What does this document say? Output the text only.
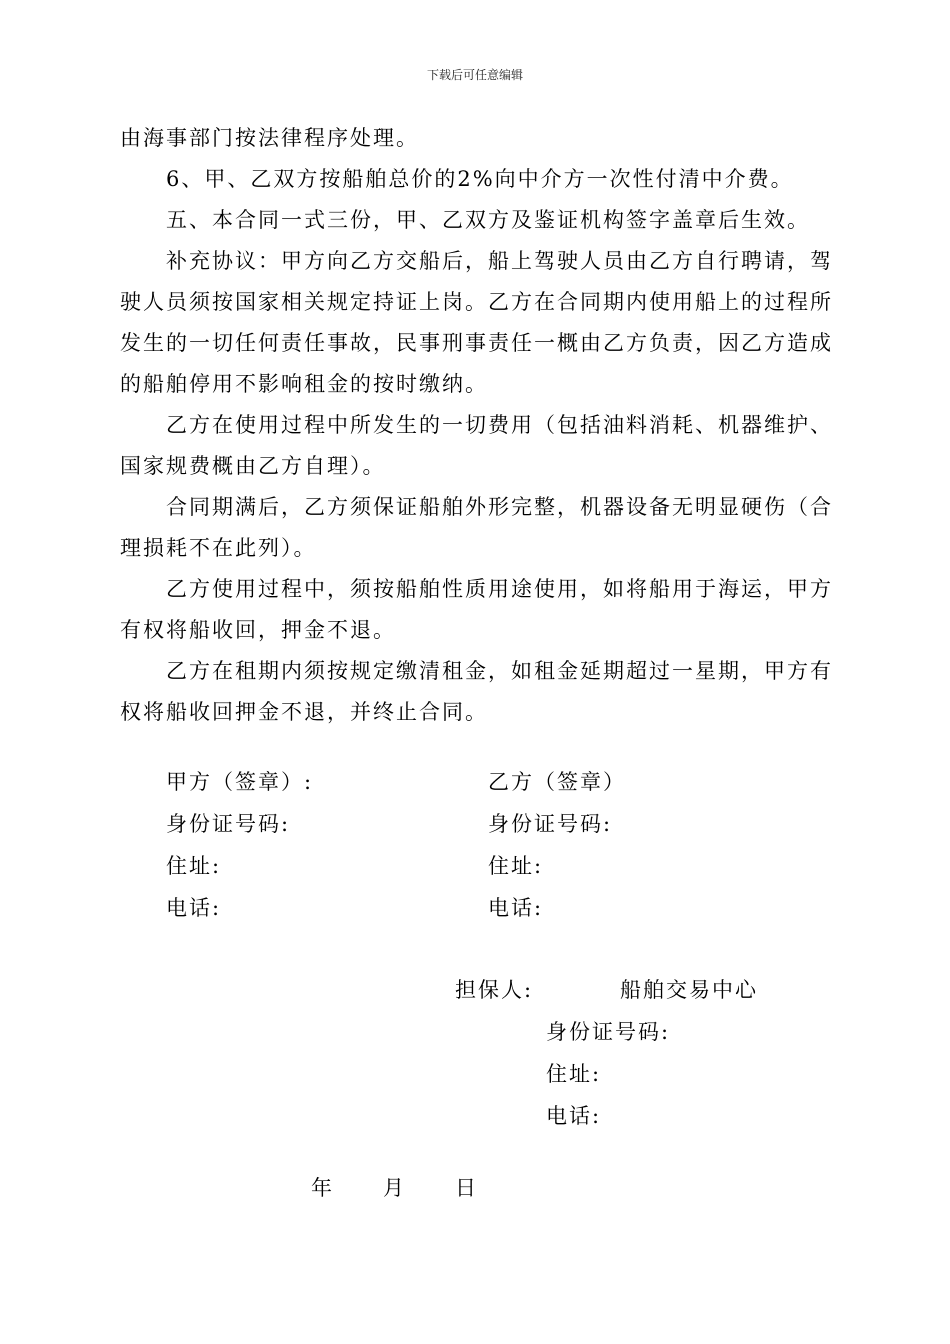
下载后可任意编辑

由海事部门按法律程序处理。

6、甲、乙双方按船舶总价的2%向中介方一次性付清中介费。

五、本合同一式三份，甲、乙双方及鉴证机构签字盖章后生效。

补充协议：甲方向乙方交船后，船上驾驶人员由乙方自行聘请，驾驶人员须按国家相关规定持证上岗。乙方在合同期内使用船上的过程所发生的一切任何责任事故，民事刑事责任一概由乙方负责，因乙方造成的船舶停用不影响租金的按时缴纳。

乙方在使用过程中所发生的一切费用（包括油料消耗、机器维护、国家规费概由乙方自理）。

合同期满后，乙方须保证船舶外形完整，机器设备无明显硬伤（合理损耗不在此列）。

乙方使用过程中，须按船舶性质用途使用，如将船用于海运，甲方有权将船收回，押金不退。

乙方在租期内须按规定缴清租金，如租金延期超过一星期，甲方有权将船收回押金不退，并终止合同。

甲方（签章）:
身份证号码:
住址:
电话:
乙方（签章）
身份证号码:
住址:
电话:
担保人:	船舶交易中心
身份证号码:
住址:
电话:
年 月 日
